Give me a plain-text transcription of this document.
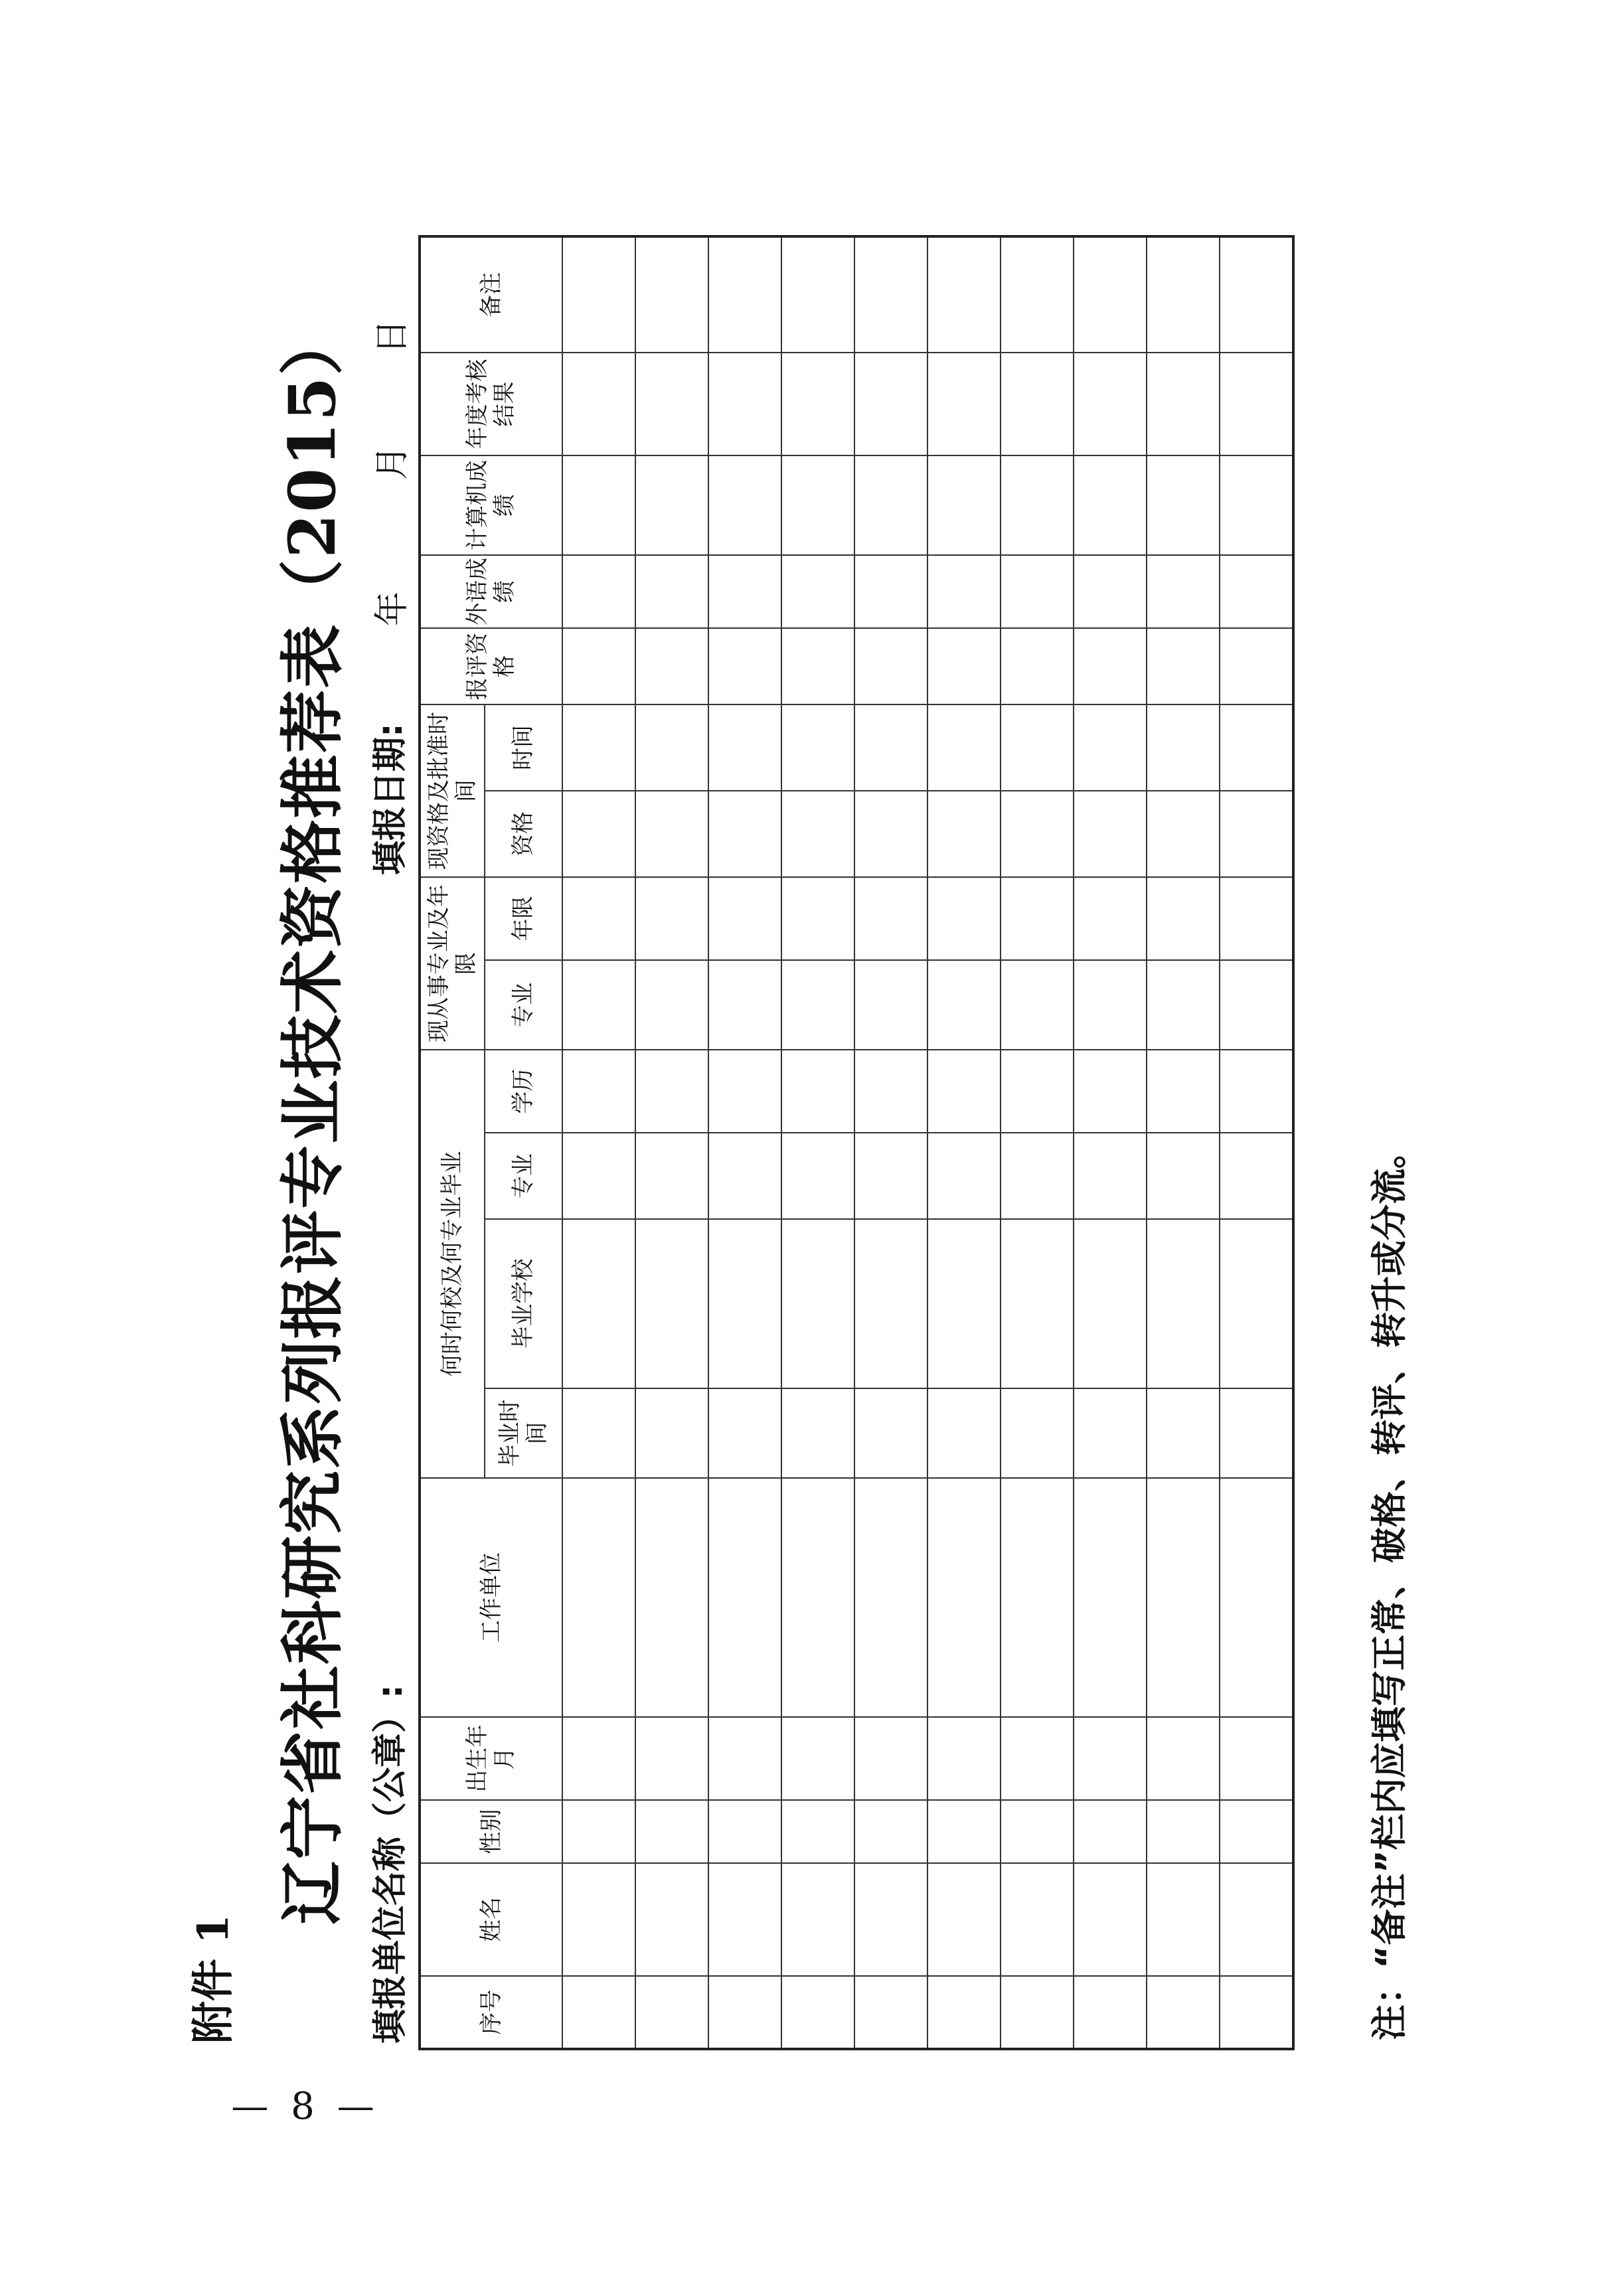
— 8 —
附件 1
辽宁省社科研究系列报评专业技术资格推荐表（2015） 填报单位名称（公章）:
填报日期:
年
月
日
序号	姓名	性别	出生年月	工作单位	何时何校及何专业毕业				现从事专业及年限		现资格及批准时间		报评资格	外语成绩	计算机成绩	年度考核结果	备注
					毕业时间	毕业学校	专业	学历	专业	年限	资格	时间					

注：“备注”栏内应填写正常、破格、转评、转升或分流。
